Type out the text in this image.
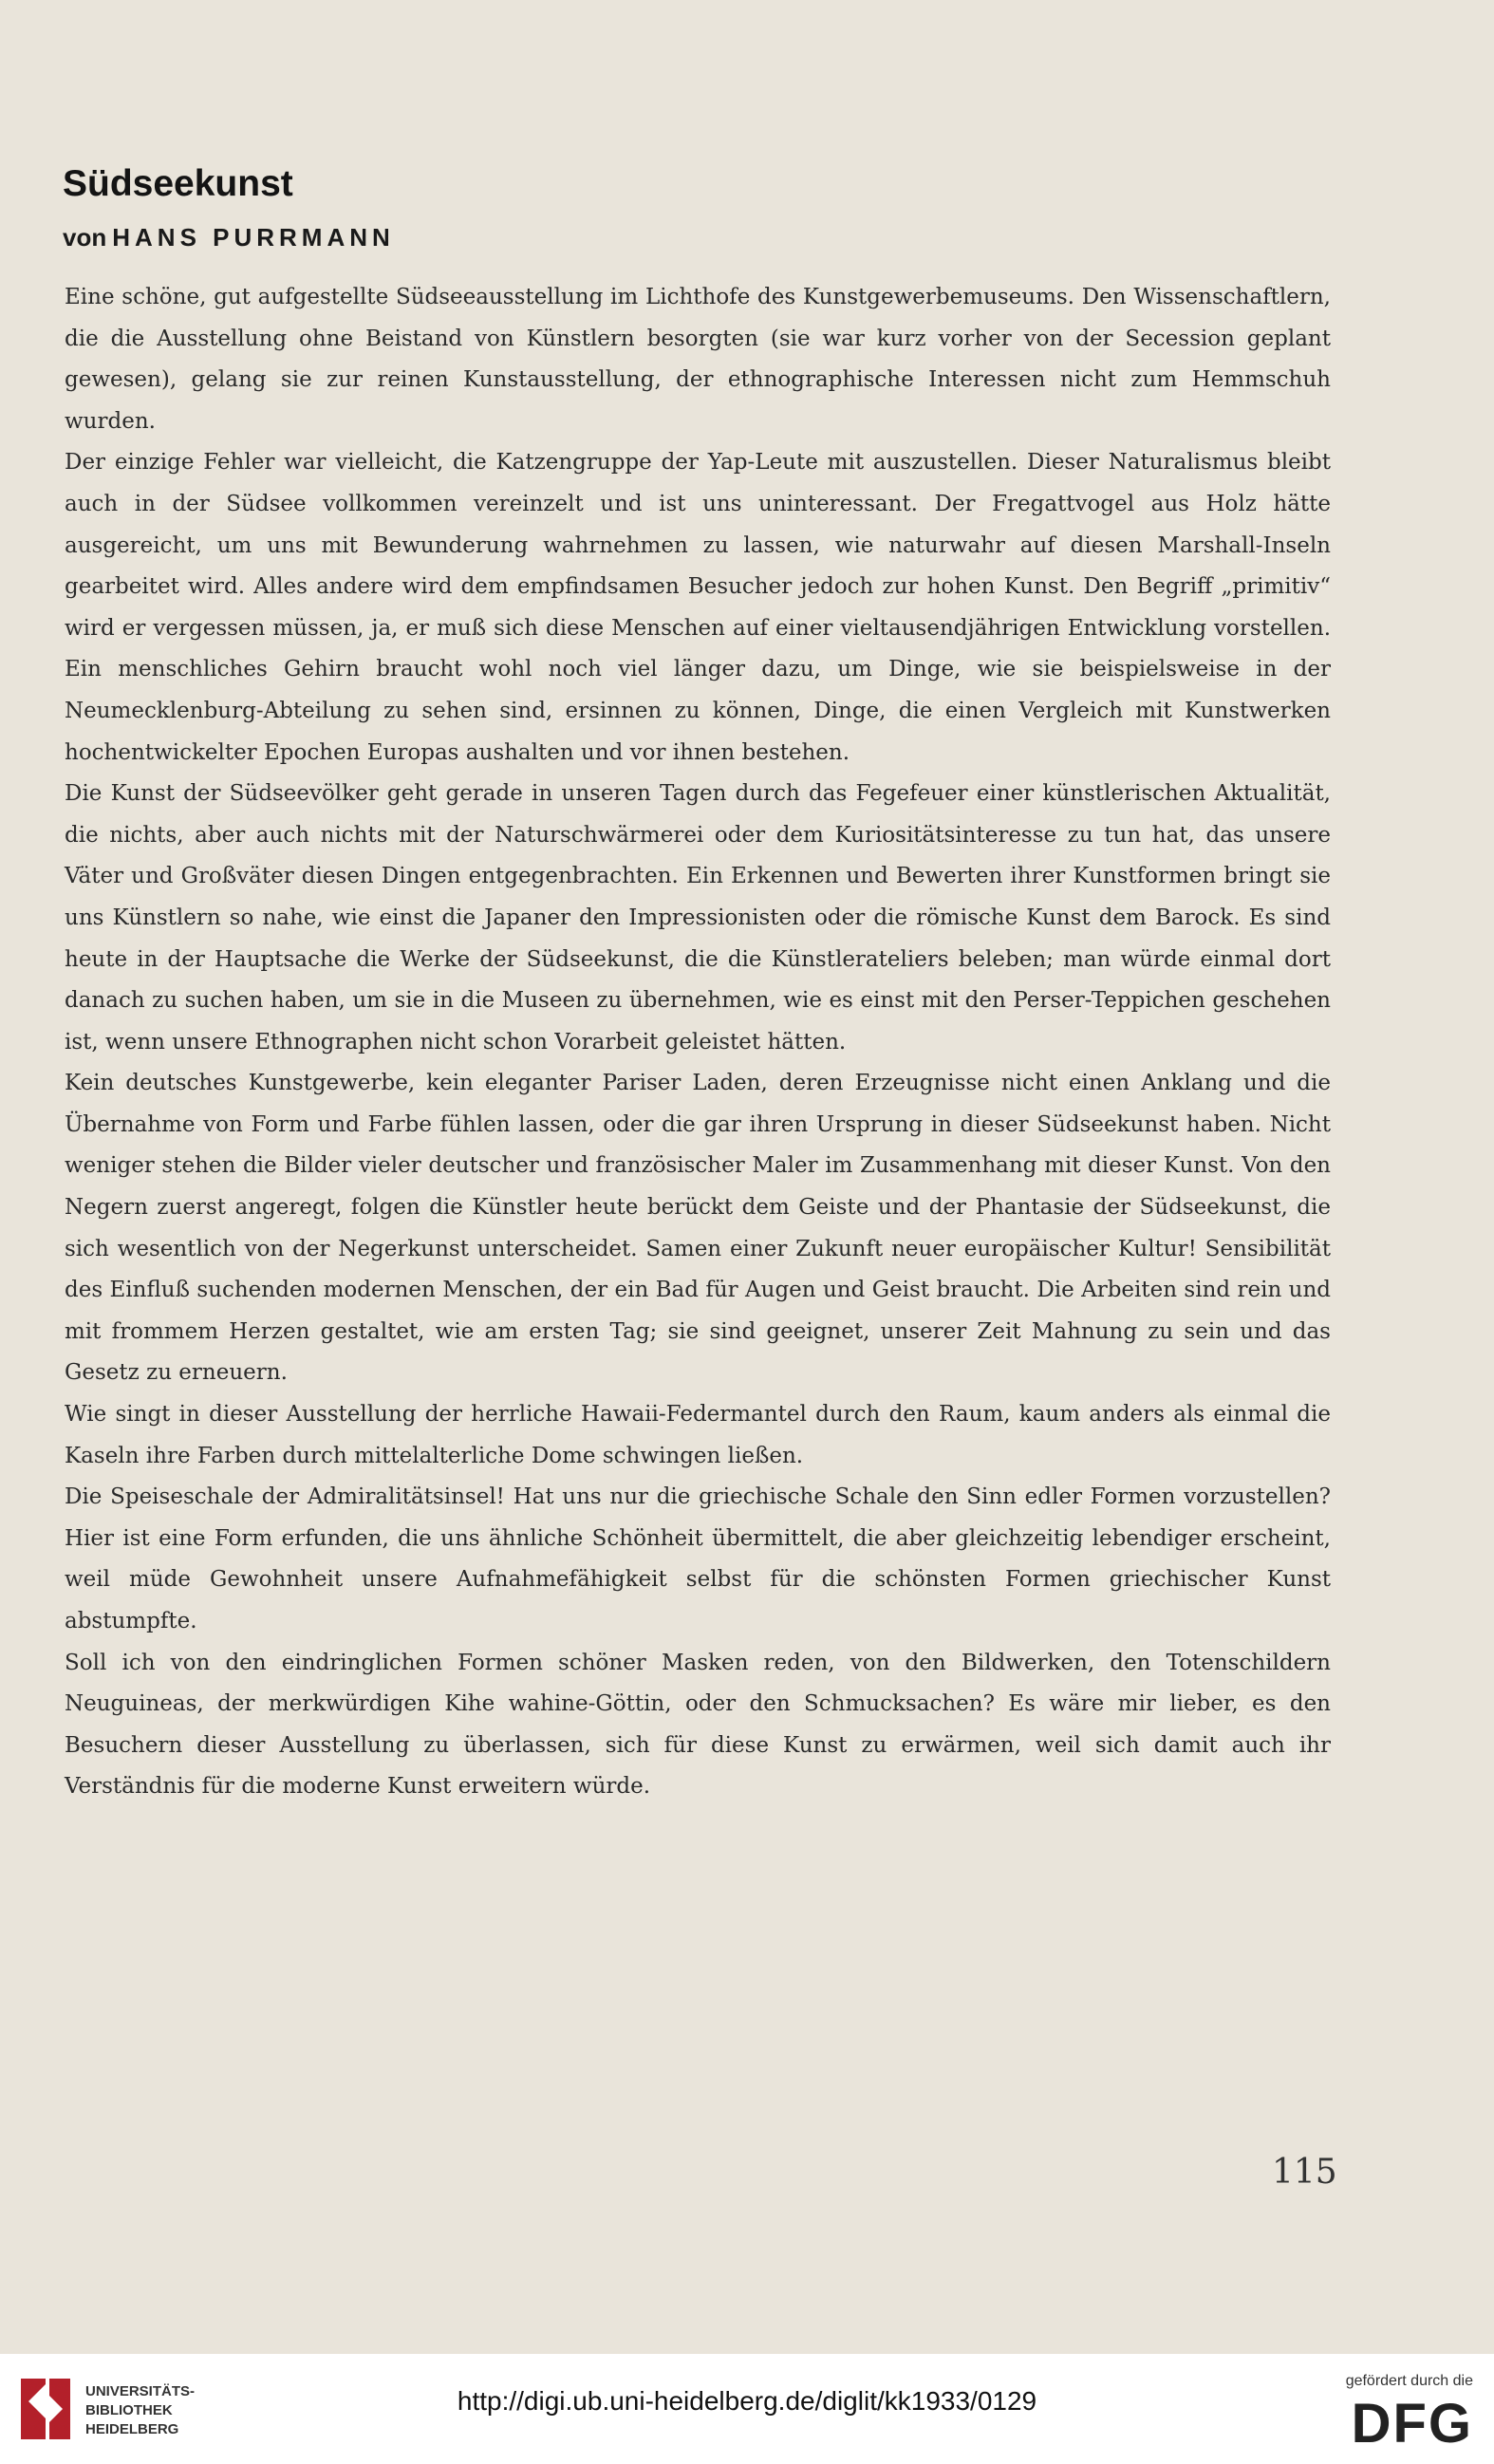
Südseekunst
von HANS PURRMANN

Eine schöne, gut aufgestellte Südseeausstellung im Lichthofe des Kunstgewerbemuseums. Den Wissenschaftlern, die die Ausstellung ohne Beistand von Künstlern besorgten (sie war kurz vorher von der Secession geplant gewesen), gelang sie zur reinen Kunstausstellung, der ethnographische Interessen nicht zum Hemmschuh wurden.

Der einzige Fehler war vielleicht, die Katzengruppe der Yap-Leute mit auszustellen. Dieser Naturalismus bleibt auch in der Südsee vollkommen vereinzelt und ist uns uninteressant. Der Fregattvogel aus Holz hätte ausgereicht, um uns mit Bewunderung wahrnehmen zu lassen, wie naturwahr auf diesen Marshall-Inseln gearbeitet wird. Alles andere wird dem empfindsamen Besucher jedoch zur hohen Kunst. Den Begriff „primitiv“ wird er vergessen müssen, ja, er muß sich diese Menschen auf einer vieltausendjährigen Entwicklung vorstellen. Ein menschliches Gehirn braucht wohl noch viel länger dazu, um Dinge, wie sie beispielsweise in der Neumecklenburg-Abteilung zu sehen sind, ersinnen zu können, Dinge, die einen Vergleich mit Kunstwerken hochentwickelter Epochen Europas aushalten und vor ihnen bestehen.

Die Kunst der Südseevölker geht gerade in unseren Tagen durch das Fegefeuer einer künstlerischen Aktualität, die nichts, aber auch nichts mit der Naturschwärmerei oder dem Kuriositätsinteresse zu tun hat, das unsere Väter und Großväter diesen Dingen entgegenbrachten. Ein Erkennen und Bewerten ihrer Kunstformen bringt sie uns Künstlern so nahe, wie einst die Japaner den Impressionisten oder die römische Kunst dem Barock. Es sind heute in der Hauptsache die Werke der Südseekunst, die die Künstlerateliers beleben; man würde einmal dort danach zu suchen haben, um sie in die Museen zu übernehmen, wie es einst mit den Perser-Teppichen geschehen ist, wenn unsere Ethnographen nicht schon Vorarbeit geleistet hätten.

Kein deutsches Kunstgewerbe, kein eleganter Pariser Laden, deren Erzeugnisse nicht einen Anklang und die Übernahme von Form und Farbe fühlen lassen, oder die gar ihren Ursprung in dieser Südseekunst haben. Nicht weniger stehen die Bilder vieler deutscher und französischer Maler im Zusammenhang mit dieser Kunst. Von den Negern zuerst angeregt, folgen die Künstler heute berückt dem Geiste und der Phantasie der Südseekunst, die sich wesentlich von der Negerkunst unterscheidet. Samen einer Zukunft neuer europäischer Kultur! Sensibilität des Einfluß suchenden modernen Menschen, der ein Bad für Augen und Geist braucht. Die Arbeiten sind rein und mit frommem Herzen gestaltet, wie am ersten Tag; sie sind geeignet, unserer Zeit Mahnung zu sein und das Gesetz zu erneuern.

Wie singt in dieser Ausstellung der herrliche Hawaii-Federmantel durch den Raum, kaum anders als einmal die Kaseln ihre Farben durch mittelalterliche Dome schwingen ließen.

Die Speiseschale der Admiralitätsinsel! Hat uns nur die griechische Schale den Sinn edler Formen vorzustellen? Hier ist eine Form erfunden, die uns ähnliche Schönheit übermittelt, die aber gleichzeitig lebendiger erscheint, weil müde Gewohnheit unsere Aufnahmefähigkeit selbst für die schönsten Formen griechischer Kunst abstumpfte.

Soll ich von den eindringlichen Formen schöner Masken reden, von den Bildwerken, den Totenschildern Neuguineas, der merkwürdigen Kihe wahine-Göttin, oder den Schmucksachen? Es wäre mir lieber, es den Besuchern dieser Ausstellung zu überlassen, sich für diese Kunst zu erwärmen, weil sich damit auch ihr Verständnis für die moderne Kunst erweitern würde.

115
UNIVERSITÄTS-
BIBLIOTHEK
HEIDELBERG
http://digi.ub.uni-heidelberg.de/diglit/kk1933/0129
gefördert durch die
DFG
